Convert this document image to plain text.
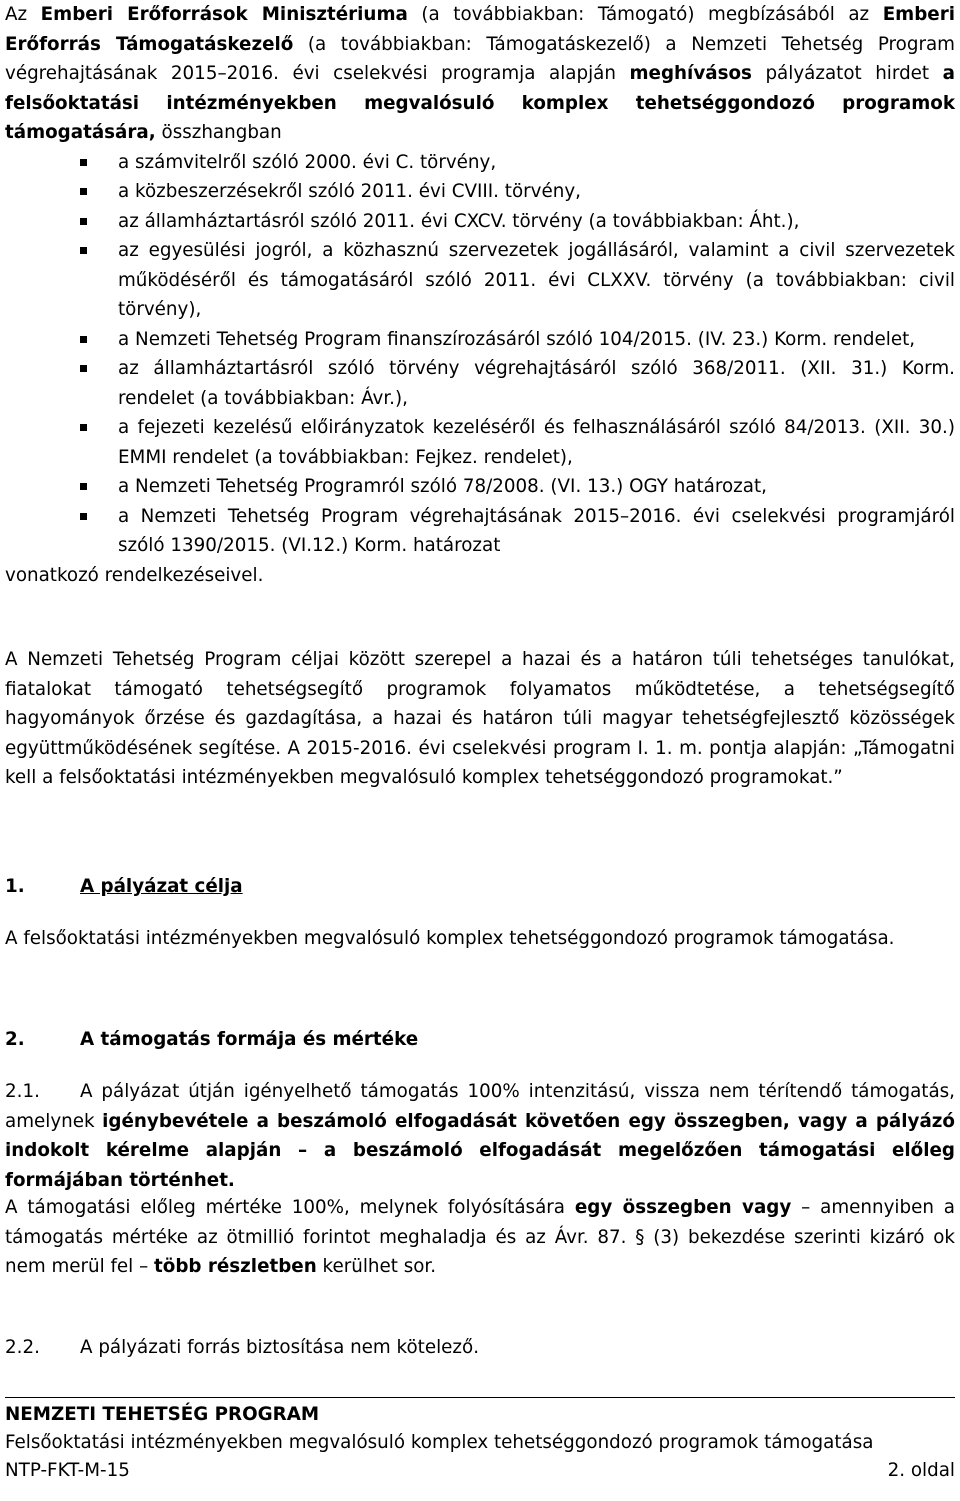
Az Emberi Erőforrások Minisztériuma (a továbbiakban: Támogató) megbízásából az Emberi Erőforrás Támogatáskezelő (a továbbiakban: Támogatáskezelő) a Nemzeti Tehetség Program végrehajtásának 2015–2016. évi cselekvési programja alapján meghívásos pályázatot hirdet a felsőoktatási intézményekben megvalósuló komplex tehetséggondozó programok támogatására, összhangban

a számvitelről szóló 2000. évi C. törvény,
a közbeszerzésekről szóló 2011. évi CVIII. törvény,
az államháztartásról szóló 2011. évi CXCV. törvény (a továbbiakban: Áht.),
az egyesülési jogról, a közhasznú szervezetek jogállásáról, valamint a civil szervezetek működéséről és támogatásáról szóló 2011. évi CLXXV. törvény (a továbbiakban: civil törvény),
a Nemzeti Tehetség Program finanszírozásáról szóló 104/2015. (IV. 23.) Korm. rendelet,
az államháztartásról szóló törvény végrehajtásáról szóló 368/2011. (XII. 31.) Korm. rendelet (a továbbiakban: Ávr.),
a fejezeti kezelésű előirányzatok kezeléséről és felhasználásáról szóló 84/2013. (XII. 30.) EMMI rendelet (a továbbiakban: Fejkez. rendelet),
a Nemzeti Tehetség Programról szóló 78/2008. (VI. 13.) OGY határozat,
a Nemzeti Tehetség Program végrehajtásának 2015–2016. évi cselekvési programjáról szóló 1390/2015. (VI.12.) Korm. határozat

vonatkozó rendelkezéseivel.

A Nemzeti Tehetség Program céljai között szerepel a hazai és a határon túli tehetséges tanulókat, fiatalokat támogató tehetségsegítő programok folyamatos működtetése, a tehetségsegítő hagyományok őrzése és gazdagítása, a hazai és határon túli magyar tehetségfejlesztő közösségek együttműködésének segítése. A 2015-2016. évi cselekvési program I. 1. m. pontja alapján: „Támogatni kell a felsőoktatási intézményekben megvalósuló komplex tehetséggondozó programokat.”

1.	A pályázat célja

A felsőoktatási intézményekben megvalósuló komplex tehetséggondozó programok támogatása.

2.	A támogatás formája és mértéke

2.1. A pályázat útján igényelhető támogatás 100% intenzitású, vissza nem térítendő támogatás, amelynek igénybevétele a beszámoló elfogadását követően egy összegben, vagy a pályázó indokolt kérelme alapján – a beszámoló elfogadását megelőzően támogatási előleg formájában történhet.

A támogatási előleg mértéke 100%, melynek folyósítására egy összegben vagy – amennyiben a támogatás mértéke az ötmillió forintot meghaladja és az Ávr. 87. § (3) bekezdése szerinti kizáró ok nem merül fel – több részletben kerülhet sor.

2.2. A pályázati forrás biztosítása nem kötelező.

NEMZETI TEHETSÉG PROGRAM
Felsőoktatási intézményekben megvalósuló komplex tehetséggondozó programok támogatása
NTP-FKT-M-15	2. oldal
